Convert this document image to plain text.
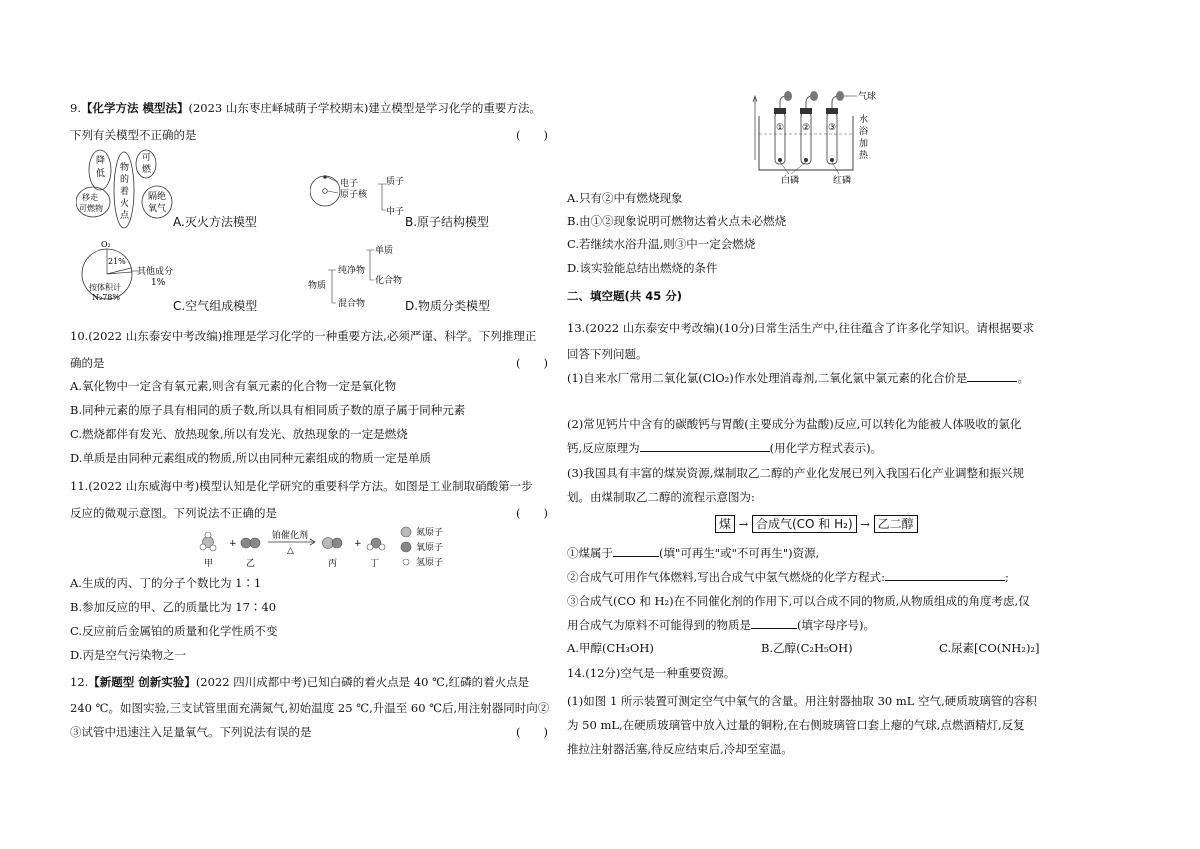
9.【化学方法 模型法】(2023 山东枣庄峄城萌子学校期末)建立模型是学习化学的重要方法。
下列有关模型不正确的是	(　　)
降
低
可
燃
物
的
着
火
点
移走
可燃物
隔绝
氧气
A.灭火方法模型
电子
原子核
质子
中子
B.原子结构模型
O₂
21%
其他成分
1%
按体积计
N₂78%
C.空气组成模型
物质
纯净物
单质
化合物
混合物	D.物质分类模型
10.(2022 山东泰安中考改编)推理是学习化学的一种重要方法,必须严谨、科学。下列推理正
确的是	(　　)
A.氧化物中一定含有氧元素,则含有氧元素的化合物一定是氧化物
B.同种元素的原子具有相同的质子数,所以具有相同质子数的原子属于同种元素
C.燃烧都伴有发光、放热现象,所以有发光、放热现象的一定是燃烧
D.单质是由同种元素组成的物质,所以由同种元素组成的物质一定是单质
11.(2022 山东威海中考)模型认知是化学研究的重要科学方法。如图是工业制取硝酸第一步
反应的微观示意图。下列说法不正确的是	(　　)
+
铂催化剂
△
+
甲	乙	丙	丁
氮原子
氧原子
氢原子
A.生成的丙、丁的分子个数比为 1∶1
B.参加反应的甲、乙的质量比为 17∶40
C.反应前后金属铂的质量和化学性质不变
D.丙是空气污染物之一
12.【新题型 创新实验】(2022 四川成都中考)已知白磷的着火点是 40 ℃,红磷的着火点是
240 ℃。如图实验,三支试管里面充满氮气,初始温度 25 ℃,升温至 60 ℃后,用注射器同时向②
③试管中迅速注入足量氧气。下列说法有误的是	(　　)
① ② ③
气球
水
浴
加
热
白磷	红磷
A.只有②中有燃烧现象
B.由①②现象说明可燃物达着火点未必燃烧
C.若继续水浴升温,则③中一定会燃烧
D.该实验能总结出燃烧的条件
二、填空题(共 45 分)
13.(2022 山东泰安中考改编)(10分)日常生活生产中,往往蕴含了许多化学知识。请根据要求
回答下列问题。
(1)自来水厂常用二氧化氯(ClO₂)作水处理消毒剂,二氧化氯中氯元素的化合价是	。
(2)常见钙片中含有的碳酸钙与胃酸(主要成分为盐酸)反应,可以转化为能被人体吸收的氯化
钙,反应原理为	(用化学方程式表示)。
(3)我国具有丰富的煤炭资源,煤制取乙二醇的产业化发展已列入我国石化产业调整和振兴规
划。由煤制取乙二醇的流程示意图为:
煤 → 合成气(CO 和 H₂) → 乙二醇
①煤属于	(填"可再生"或"不可再生")资源,
②合成气可用作气体燃料,写出合成气中氢气燃烧的化学方程式:	;
③合成气(CO 和 H₂)在不同催化剂的作用下,可以合成不同的物质,从物质组成的角度考虑,仅
用合成气为原料不可能得到的物质是	(填字母序号)。
A.甲醇(CH₃OH)	B.乙醇(C₂H₅OH)	C.尿素[CO(NH₂)₂]
14.(12分)空气是一种重要资源。
(1)如图 1 所示装置可测定空气中氧气的含量。用注射器抽取 30 mL 空气,硬质玻璃管的容积
为 50 mL,在硬质玻璃管中放入过量的铜粉,在右侧玻璃管口套上瘪的气球,点燃酒精灯,反复
推拉注射器活塞,待反应结束后,冷却至室温。
